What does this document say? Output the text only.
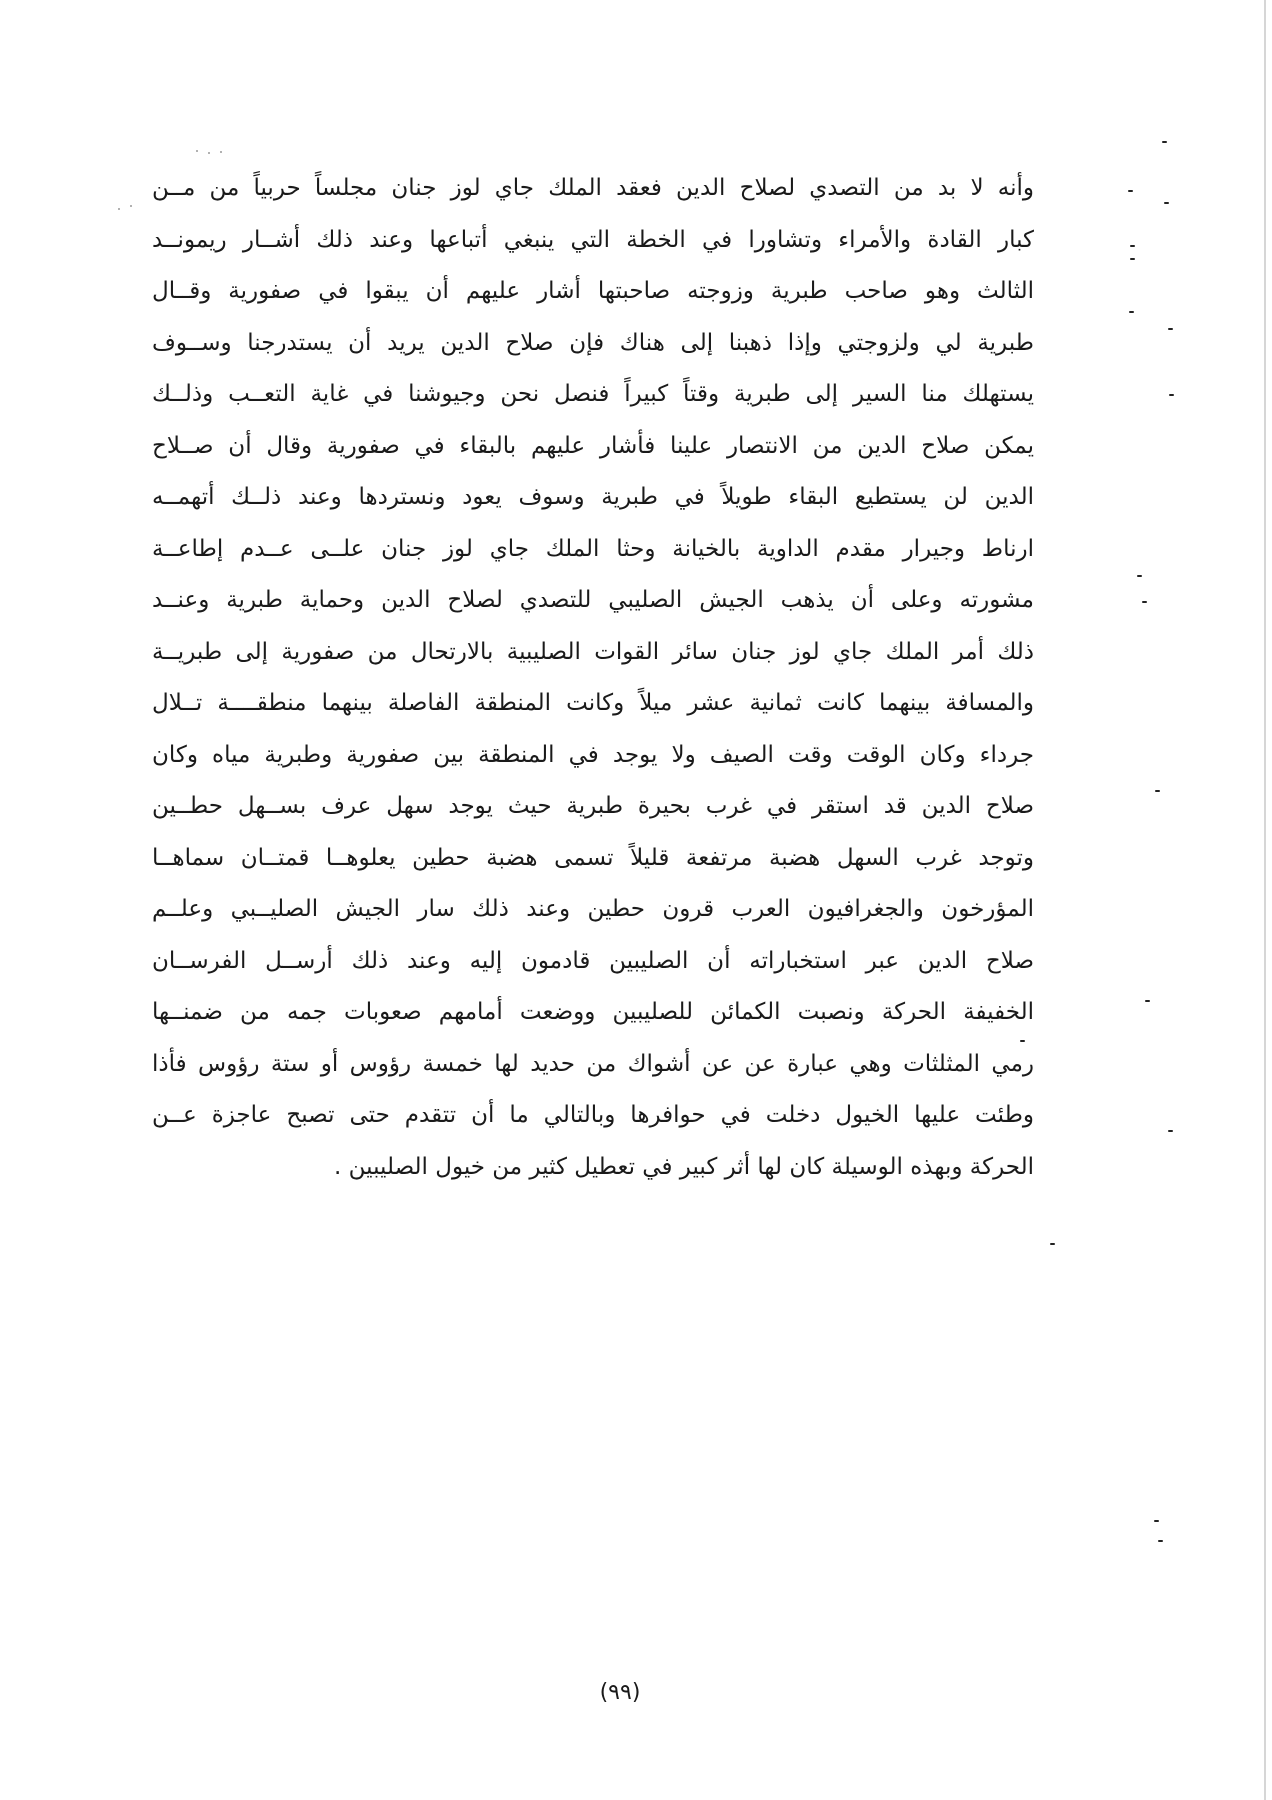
وأنه لا بد من التصدي لصلاح الدين فعقد الملك جاي لوز جنان مجلساً حربياً من مــن
كبار القادة والأمراء وتشاورا في الخطة التي ينبغي أتباعها وعند ذلك أشــار ريمونــد
الثالث وهو صاحب طبرية وزوجته صاحبتها أشار عليهم أن يبقوا في صفورية وقــال
طبرية لي ولزوجتي وإذا ذهبنا إلى هناك فإن صلاح الدين يريد أن يستدرجنا وســوف
يستهلك منا السير إلى طبرية وقتاً كبيراً فنصل نحن وجيوشنا في غاية التعــب وذلــك
يمكن صلاح الدين من الانتصار علينا فأشار عليهم بالبقاء في صفورية وقال أن صــلاح
الدين لن يستطيع البقاء طويلاً في طبرية وسوف يعود ونستردها وعند ذلــك أتهمــه
ارناط وجيرار مقدم الداوية بالخيانة وحثا الملك جاي لوز جنان علــى عــدم إطاعــة
مشورته وعلى أن يذهب الجيش الصليبي للتصدي لصلاح الدين وحماية طبرية وعنــد
ذلك أمر الملك جاي لوز جنان سائر القوات الصليبية بالارتحال من صفورية إلى طبريــة
والمسافة بينهما كانت ثمانية عشر ميلاً وكانت المنطقة الفاصلة بينهما منطقــــة تــلال
جرداء وكان الوقت وقت الصيف ولا يوجد في المنطقة بين صفورية وطبرية مياه وكان
صلاح الدين قد استقر في غرب بحيرة طبرية حيث يوجد سهل عرف بســهل حطــين
وتوجد غرب السهل هضبة مرتفعة قليلاً تسمى هضبة حطين يعلوهــا قمتــان سماهــا
المؤرخون والجغرافيون العرب قرون حطين وعند ذلك سار الجيش الصليــبي وعلــم
صلاح الدين عبر استخباراته أن الصليبين قادمون إليه وعند ذلك أرســل الفرســان
الخفيفة الحركة ونصبت الكمائن للصليبين ووضعت أمامهم صعوبات جمه من ضمنــها
رمي المثلثات وهي عبارة عن عن أشواك من حديد لها خمسة رؤوس أو ستة رؤوس فأذا
وطئت عليها الخيول دخلت في حوافرها وبالتالي ما أن تتقدم حتى تصبح عاجزة عــن
الحركة وبهذه الوسيلة كان لها أثر كبير في تعطيل كثير من خيول الصليبين .
(٩٩)
